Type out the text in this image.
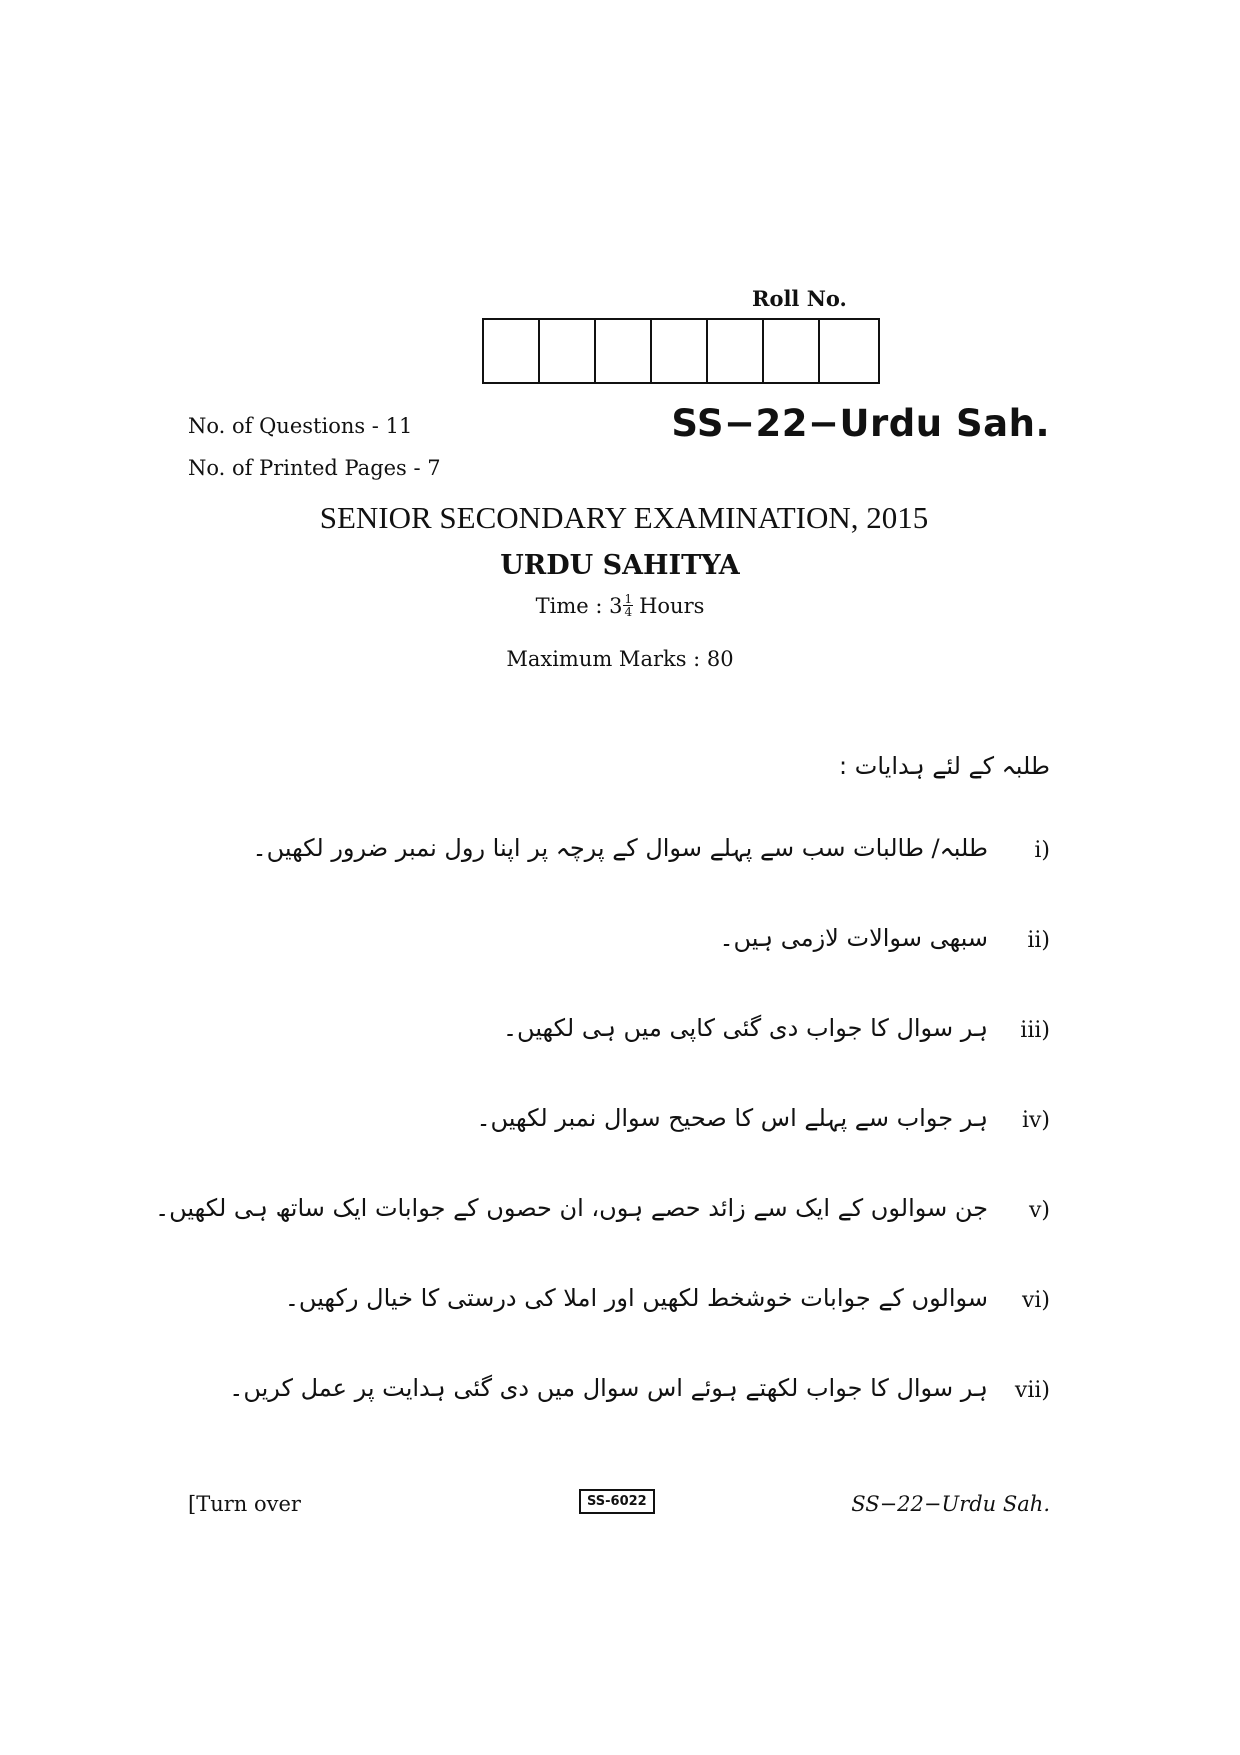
Roll No.
No. of Questions - 11	SS−22−Urdu Sah.
No. of Printed Pages - 7
SENIOR SECONDARY EXAMINATION, 2015
URDU SAHITYA
Time : $3 \frac{1}{4}$ Hours
Maximum Marks : 80
طلبہ کے لئے ہدایات :
i)
طلبہ/ طالبات سب سے پہلے سوال کے پرچہ پر اپنا رول نمبر ضرور لکھیں۔
ii)
سبھی سوالات لازمی ہیں۔
iii)
ہر سوال کا جواب دی گئی کاپی میں ہی لکھیں۔
iv)
ہر جواب سے پہلے اس کا صحیح سوال نمبر لکھیں۔
v)
جن سوالوں کے ایک سے زائد حصے ہوں، ان حصوں کے جوابات ایک ساتھ ہی لکھیں۔
vi)
سوالوں کے جوابات خوشخط لکھیں اور املا کی درستی کا خیال رکھیں۔
vii)
ہر سوال کا جواب لکھتے ہوئے اس سوال میں دی گئی ہدایت پر عمل کریں۔
[Turn over	SS-6022	SS−22−Urdu Sah.
